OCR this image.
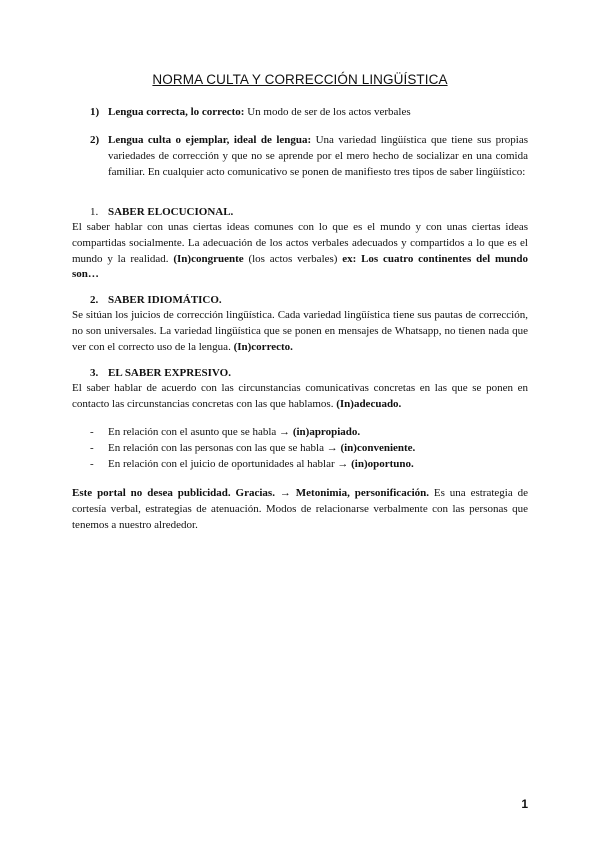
NORMA CULTA Y CORRECCIÓN LINGÜÍSTICA
1) Lengua correcta, lo correcto: Un modo de ser de los actos verbales

2) Lengua culta o ejemplar, ideal de lengua: Una variedad lingüística que tiene sus propias variedades de corrección y que no se aprende por el mero hecho de socializar en una comida familiar. En cualquier acto comunicativo se ponen de manifiesto tres tipos de saber lingüístico:

1. SABER ELOCUCIONAL.

El saber hablar con unas ciertas ideas comunes con lo que es el mundo y con unas ciertas ideas compartidas socialmente. La adecuación de los actos verbales adecuados y compartidos a lo que es el mundo y la realidad. (In)congruente (los actos verbales) ex: Los cuatro continentes del mundo son…

2. SABER IDIOMÁTICO.

Se sitúan los juicios de corrección lingüística. Cada variedad lingüística tiene sus pautas de corrección, no son universales. La variedad lingüística que se ponen en mensajes de Whatsapp, no tienen nada que ver con el correcto uso de la lengua. (In)correcto.

3. EL SABER EXPRESIVO.

El saber hablar de acuerdo con las circunstancias comunicativas concretas en las que se ponen en contacto las circunstancias concretas con las que hablamos. (In)adecuado.

- En relación con el asunto que se habla → (in)apropiado.

- En relación con las personas con las que se habla → (in)conveniente.

- En relación con el juicio de oportunidades al hablar → (in)oportuno.

Este portal no desea publicidad. Gracias. → Metonimia, personificación. Es una estrategia de cortesía verbal, estrategias de atenuación. Modos de relacionarse verbalmente con las personas que tenemos a nuestro alrededor.

1
